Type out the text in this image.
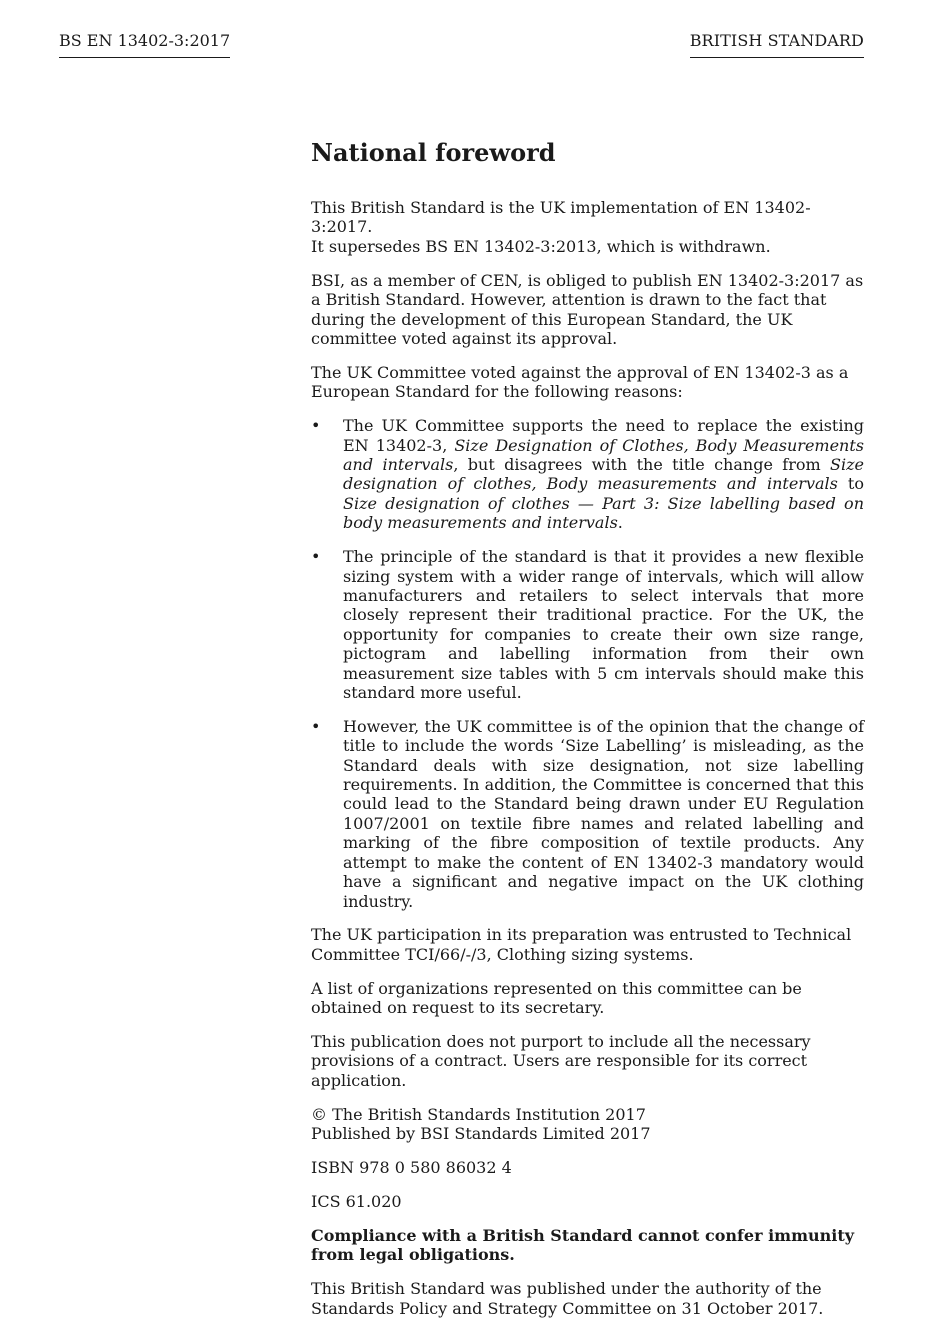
BS EN 13402-3:2017	BRITISH STANDARD
National foreword
This British Standard is the UK implementation of EN 13402-3:2017.
It supersedes BS EN 13402-3:2013, which is withdrawn.
BSI, as a member of CEN, is obliged to publish EN 13402-3:2017 as a British Standard. However, attention is drawn to the fact that during the development of this European Standard, the UK committee voted against its approval.
The UK Committee voted against the approval of EN 13402-3 as a European Standard for the following reasons:
• The UK Committee supports the need to replace the existing EN 13402-3, Size Designation of Clothes, Body Measurements and intervals, but disagrees with the title change from Size designation of clothes, Body measurements and intervals to Size designation of clothes — Part 3: Size labelling based on body measurements and intervals.
• The principle of the standard is that it provides a new flexible sizing system with a wider range of intervals, which will allow manufacturers and retailers to select intervals that more closely represent their traditional practice. For the UK, the opportunity for companies to create their own size range, pictogram and labelling information from their own measurement size tables with 5 cm intervals should make this standard more useful.
• However, the UK committee is of the opinion that the change of title to include the words ‘Size Labelling’ is misleading, as the Standard deals with size designation, not size labelling requirements. In addition, the Committee is concerned that this could lead to the Standard being drawn under EU Regulation 1007/2001 on textile fibre names and related labelling and marking of the fibre composition of textile products. Any attempt to make the content of EN 13402-3 mandatory would have a significant and negative impact on the UK clothing industry.
The UK participation in its preparation was entrusted to Technical Committee TCI/66/-/3, Clothing sizing systems.
A list of organizations represented on this committee can be obtained on request to its secretary.
This publication does not purport to include all the necessary provisions of a contract. Users are responsible for its correct application.
© The British Standards Institution 2017
Published by BSI Standards Limited 2017
ISBN 978 0 580 86032 4
ICS 61.020
Compliance with a British Standard cannot confer immunity from legal obligations.
This British Standard was published under the authority of the
Standards Policy and Strategy Committee on 31 October 2017.
